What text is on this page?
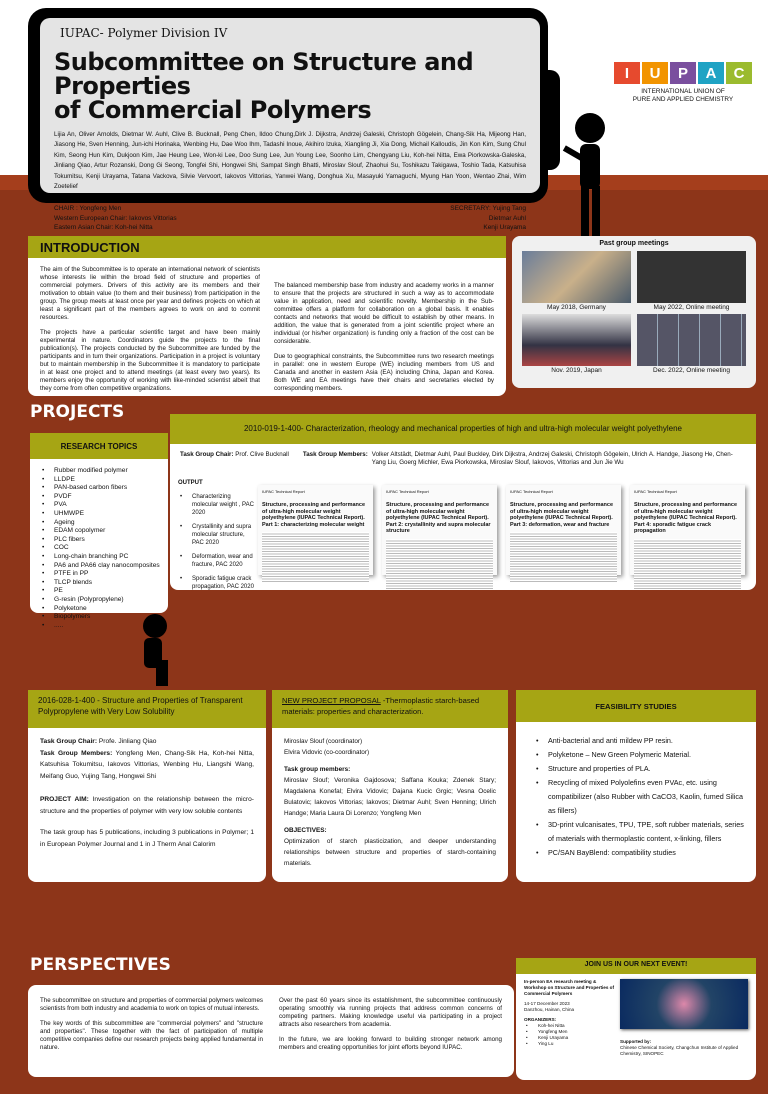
IUPAC- Polymer Division IV
Subcommittee on Structure and Properties
of Commercial Polymers
Lijia An, Oliver Arnolds, Dietmar W. Auhl, Clive B. Bucknall, Peng Chen, Ildoo Chung,Dirk J. Dijkstra, Andrzej Galeski, Christoph Gögelein, Chang-Sik Ha, Mijeong Han, Jiasong He, Sven Henning, Jun-ichi Horinaka, Wenbing Hu, Dae Woo Ihm, Tadashi Inoue, Akihiro Izuka, Xiangling Ji, Xia Dong, Michail Kalloudis, Jin Kon Kim, Sung Chul Kim, Seong Hun Kim, Dukjoon Kim, Jae Heung Lee, Won-ki Lee, Doo Sung Lee, Jun Young Lee, Soonho Lim, Chengyang Liu, Koh-hei Nitta, Ewa Piorkowska-Galeska, Jinliang Qiao, Artur Rozanski, Dong Gi Seong, Tongfei Shi, Hongwei Shi, Sampat Singh Bhatti, Miroslav Slouf, Zhaohui Su, Toshikazu Takigawa, Toshio Tada, Katsuhisa Tokumitsu, Kenji Urayama, Tatana Vackova, Silvie Vervoort, Iakovos Vittorias, Yanwei Wang, Donghua Xu, Masayuki Yamaguchi, Myung Han Yoon, Wentao Zhai, Wim Zoetelief
CHAIR : Yongfeng Men
Western European Chair: Iakovos Vittorias
Eastern Asian Chair: Koh-hei Nitta
SECRETARY: Yujing Tang
Dietmar Auhl
Kenji Urayama
I	U	P	A	C
INTERNATIONAL UNION OF
PURE AND APPLIED CHEMISTRY
INTRODUCTION

The aim of the Subcommittee is to operate an international network of scientists whose interests lie within the broad field of structure and properties of commercial polymers. Drivers of this activity are its members and their motivation to obtain value (to them and their business) from participation in the group. The group meets at least once per year and defines projects on which at least a significant part of the members agrees to work on and to commit resources.

The projects have a particular scientific target and have been mainly experimental in nature. Coordinators guide the projects to the final publication(s). The projects conducted by the Subcommittee are funded by the participants and in turn their organizations. Participation in a project is voluntary but to maintain membership in the Subcommittee it is mandatory to participate in at least one project and to attend meetings (at least every two years). Its members enjoy the opportunity of working with like-minded scientist albeit that they come from often competitive organizations.

The balanced membership base from industry and academy works in a manner to ensure that the projects are structured in such a way as to accommodate value in application, need and scientific novelty. Membership in the Sub-committee offers a platform for collaboration on a global basis. It enables contacts and networks that would be difficult to establish by other means. In addition, the value that is generated from a joint scientific project where an individual (or his/her organization) is funding only a fraction of the cost can be considerable.

Due to geographical constraints, the Subcommittee runs two research meetings in parallel: one in western Europe (WE) including members from US and Canada and another in eastern Asia (EA) including China, Japan and Korea. Both WE and EA meetings have their chairs and secretaries elected by corresponding members.

Past group meetings
May 2018, Germany	May 2022, Online meeting
Nov. 2019, Japan	Dec. 2022, Online meeting
PROJECTS
RESEARCH TOPICS
• Rubber modified polymer
• LLDPE
• PAN-based carbon fibers
• PVDF
• PVA
• UHMWPE
• Ageing
• EDAM copolymer
• PLC fibers
• COC
• Long-chain branching PC
• PA6 and PA66 clay nanocomposites
• PTFE in PP
• TLCP blends
• PE
• G-resin (Polypropylene)
• Polyketone
• Biopolymers
• .....
2010-019-1-400- Characterization, rheology and mechanical properties of high and ultra-high molecular weight polyethylene
Task Group Chair: Prof. Clive Bucknall Task Group Members: Volker Altstädt, Dietmar Auhl, Paul Buckley, Dirk Dijkstra, Andrzej Galeski, Christoph Gögelein, Ulrich A. Handge, Jiasong He, Chen-Yang Liu, Goerg Michler, Ewa Piorkowska, Miroslav Slouf, Iakovos, Vittorias and Jun Jie Wu
OUTPUT
• Characterizing molecular weight , PAC 2020
• Crystallinity and supra molecular structure, PAC 2020
• Deformation, wear and fracture, PAC 2020
• Sporadic fatigue crack propagation, PAC 2020
IUPAC Technical Report
Structure, processing and performance of ultra-high molecular weight polyethylene (IUPAC Technical Report). Part 1: characterizing molecular weight
IUPAC Technical Report
Structure, processing and performance of ultra-high molecular weight polyethylene (IUPAC Technical Report). Part 2: crystallinity and supra molecular structure
IUPAC Technical Report
Structure, processing and performance of ultra-high molecular weight polyethylene (IUPAC Technical Report). Part 3: deformation, wear and fracture
IUPAC Technical Report
Structure, processing and performance of ultra-high molecular weight polyethylene (IUPAC Technical Report). Part 4: sporadic fatigue crack propagation
2016-028-1-400 - Structure and Properties of Transparent Polypropylene with Very Low Solubility
Task Group Chair: Profe. Jinliang Qiao
Task Group Members: Yongfeng Men, Chang-Sik Ha, Koh-hei Nitta, Katsuhisa Tokumitsu, Iakovos Vittorias, Wenbing Hu, Liangshi Wang, Meifang Guo, Yujing Tang, Hongwei Shi
PROJECT AIM: Investigation on the relationship between the micro-structure and the properties of polymer with very low soluble contents
The task group has 5 publications, including 3 publications in Polymer; 1 in European Polymer Journal and 1 in J Therm Anal Calorim
NEW PROJECT PROPOSAL -Thermoplastic starch-based materials: properties and characterization.
Miroslav Slouf (coordinator)
Elvira Vidovic (co-coordinator)
Task group members:
Miroslav Slouf; Veronika Gajdosova; Saffana Kouka; Zdenek Stary; Magdalena Konefal; Elvira Vidovic; Dajana Kucic Grgic; Vesna Ocelic Bulatovic; Iakovos Vittorias; Iakovos; Dietmar Auhl; Sven Henning; Ulrich Handge; Maria Laura Di Lorenzo; Yongfeng Men
OBJECTIVES:
Optimization of starch plasticization, and deeper understanding relationships between structure and properties of starch-containing materials.
FEASIBILITY STUDIES
• Anti-bacterial and anti mildew PP resin.
• Polyketone – New Green Polymeric Material.
• Structure and properties of PLA.
• Recycling of mixed Polyolefins even PVAc, etc. using compatibilizer (also Rubber with CaCO3, Kaolin, fumed Silica as fillers)
• 3D-print vulcanisates, TPU, TPE, soft rubber materials, series of materials with thermoplastic content, x-linking, fillers
• PC/SAN BayBlend: compatibility studies
PERSPECTIVES

The subcommittee on structure and properties of commercial polymers welcomes scientists from both industry and academia to work on topics of mutual interests.

The key words of this subcommittee are "commercial polymers" and "structure and properties". These together with the fact of participation of multiple competitive companies define our research projects being applied fundamental in nature.

Over the past 60 years since its establishment, the subcommittee continuously operating smoothly via running projects that address common concerns of competing partners. Making knowledge useful via participating in a project attracts also researchers from academia.

In the future, we are looking forward to building stronger network among members and creating opportunities for joint efforts beyond IUPAC.

JOIN US IN OUR NEXT EVENT!
In-person EA research meeting & Workshop on Structure and Properties of Commercial Polymers
14-17 December 2023
Danzhou, Hainan, China
ORGANIZERS:
• Koh-hei Nitta
• Yongfeng Men
• Kenji Urayama
• Ying Lu	Supported by:
Chinese Chemical Society, Changchun Institute of Applied Chemistry, SINOPEC
